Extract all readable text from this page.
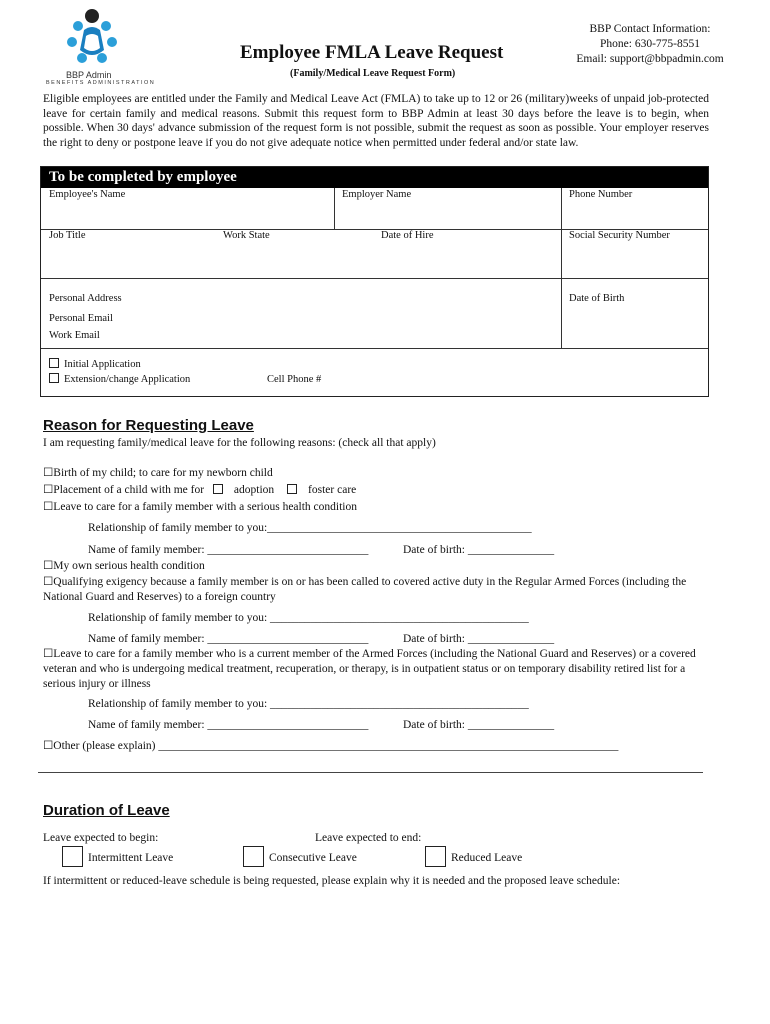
BBP Admin
BENEFITS ADMINISTRATION
Employee FMLA Leave Request
(Family/Medical Leave Request Form)
BBP Contact Information:
Phone: 630-775-8551
Email: support@bbpadmin.com
Eligible employees are entitled under the Family and Medical Leave Act (FMLA) to take up to 12 or 26 (military)weeks of unpaid job-protected leave for certain family and medical reasons. Submit this request form to BBP Admin at least 30 days before the leave is to begin, when possible. When 30 days' advance submission of the request form is not possible, submit the request as soon as possible. Your employer reserves the right to deny or postpone leave if you do not give adequate notice when permitted under federal and/or state law.
To be completed by employee
Employee's Name	Employer Name	Phone Number
Job Title	Work State	Date of Hire	Social Security Number
Personal Address	Date of Birth
Personal Email
Work Email
Initial Application
Extension/change Application	Cell Phone #
Reason for Requesting Leave
I am requesting family/medical leave for the following reasons: (check all that apply)
☐Birth of my child; to care for my newborn child
☐Placement of a child with me for	adoption	foster care
☐Leave to care for a family member with a serious health condition
Relationship of family member to you:______________________________________________
Name of family member: ____________________________	Date of birth: _______________
☐My own serious health condition
☐Qualifying exigency because a family member is on or has been called to covered active duty in the Regular Armed Forces (including the National Guard and Reserves) to a foreign country
Relationship of family member to you: _____________________________________________
Name of family member: ____________________________	Date of birth: _______________
☐Leave to care for a family member who is a current member of the Armed Forces (including the National Guard and Reserves) or a covered veteran and who is undergoing medical treatment, recuperation, or therapy, is in outpatient status or on temporary disability retired list for a serious injury or illness
Relationship of family member to you: _____________________________________________
Name of family member: ____________________________	Date of birth: _______________
☐Other (please explain) ________________________________________________________________________________
Duration of Leave
Leave expected to begin:	Leave expected to end:
Intermittent Leave	Consecutive Leave	Reduced Leave
If intermittent or reduced-leave schedule is being requested, please explain why it is needed and the proposed leave schedule:
